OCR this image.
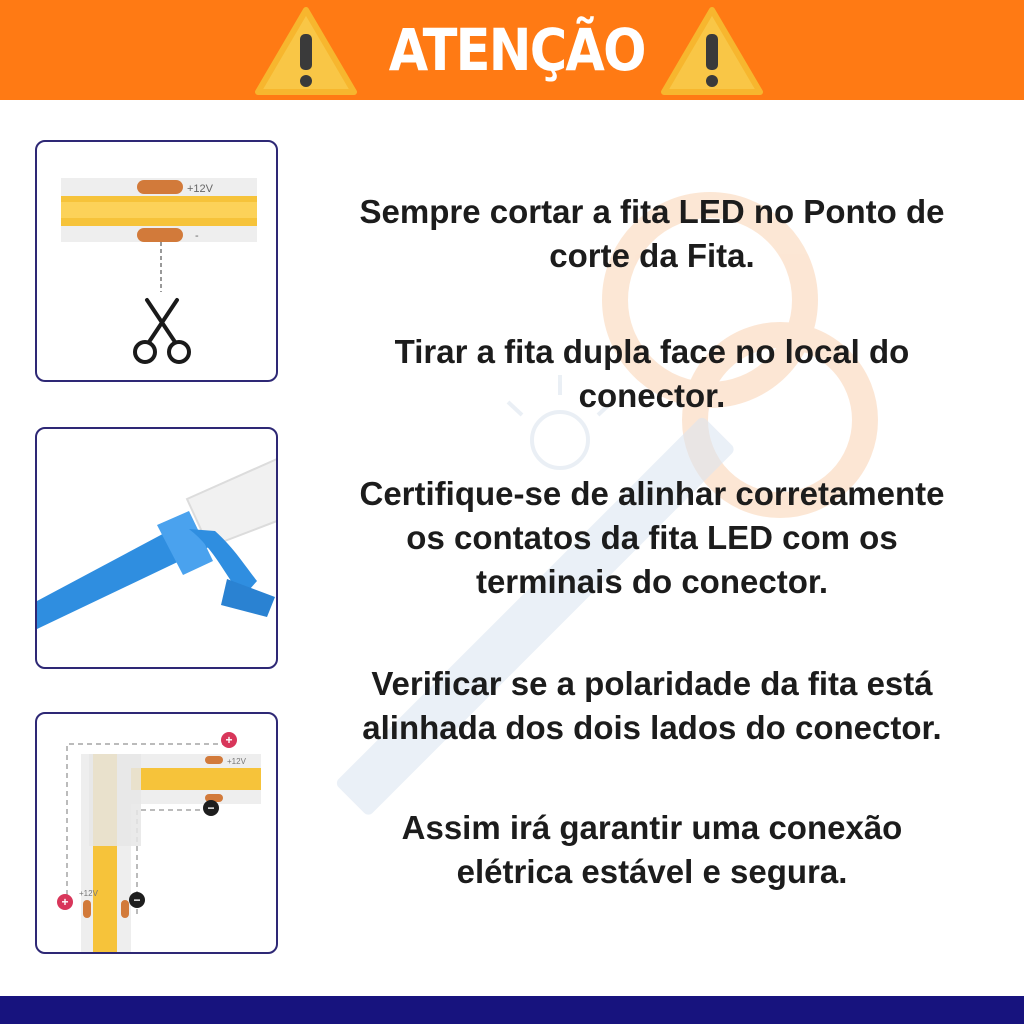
ATENÇÃO
+12V
-
+12V
+12V
+
−
+	−
Sempre cortar a fita LED no Ponto de
corte da Fita.
Tirar a fita dupla face no local do
conector.
Certifique-se de alinhar corretamente
os contatos da fita LED com os
terminais do conector.
Verificar se a polaridade da fita está
alinhada dos dois lados do conector.
Assim irá garantir uma conexão
elétrica estável e segura.
